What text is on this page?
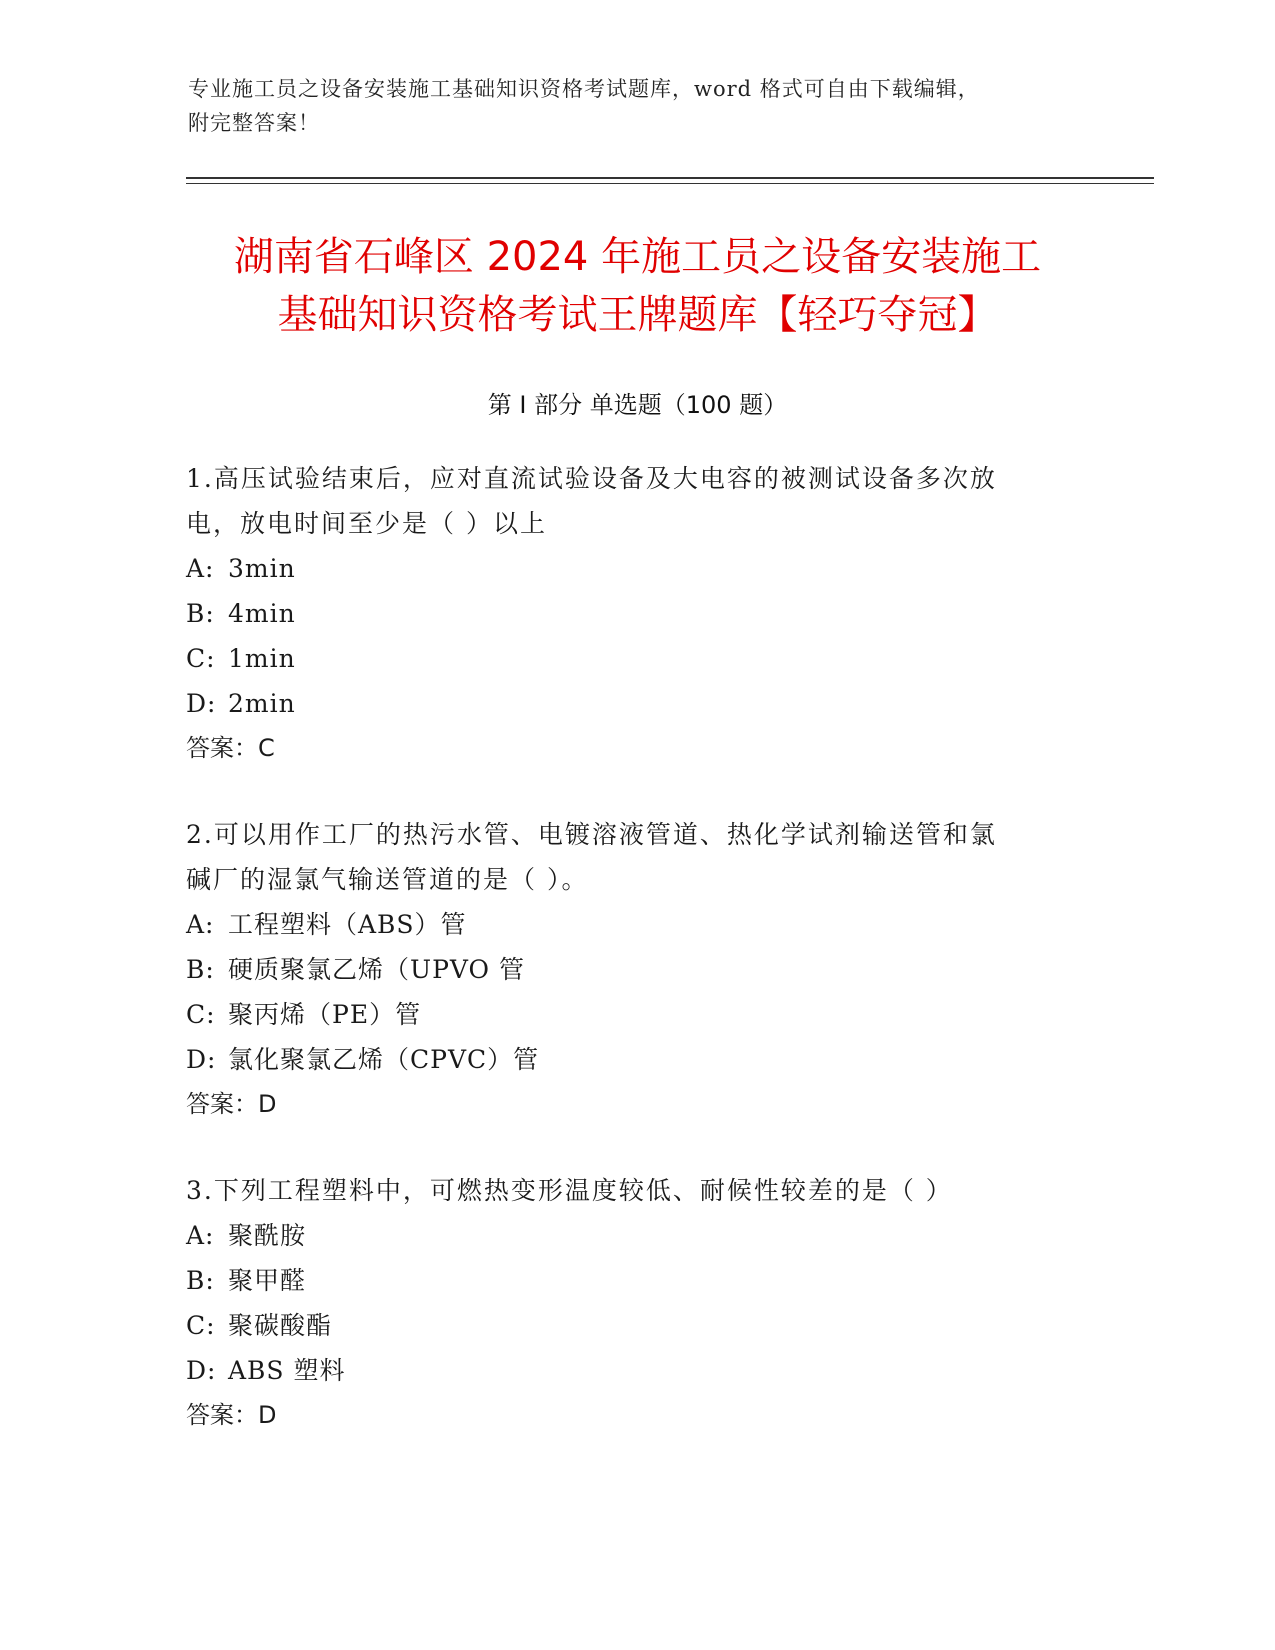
专业施工员之设备安装施工基础知识资格考试题库，word 格式可自由下载编辑，
附完整答案！
湖南省石峰区 2024 年施工员之设备安装施工
基础知识资格考试王牌题库【轻巧夺冠】
第 I 部分 单选题（100 题）

1.高压试验结束后，应对直流试验设备及大电容的被测试设备多次放

电，放电时间至少是（ ）以上

A: 3min

B: 4min

C: 1min

D: 2min

答案：C

2.可以用作工厂的热污水管、电镀溶液管道、热化学试剂输送管和氯

碱厂的湿氯气输送管道的是（ ）。

A: 工程塑料（ABS）管

B: 硬质聚氯乙烯（UPVO 管

C: 聚丙烯（PE）管

D: 氯化聚氯乙烯（CPVC）管

答案：D

3.下列工程塑料中，可燃热变形温度较低、耐候性较差的是（ ）

A: 聚酰胺

B: 聚甲醛

C: 聚碳酸酯

D: ABS 塑料

答案：D
